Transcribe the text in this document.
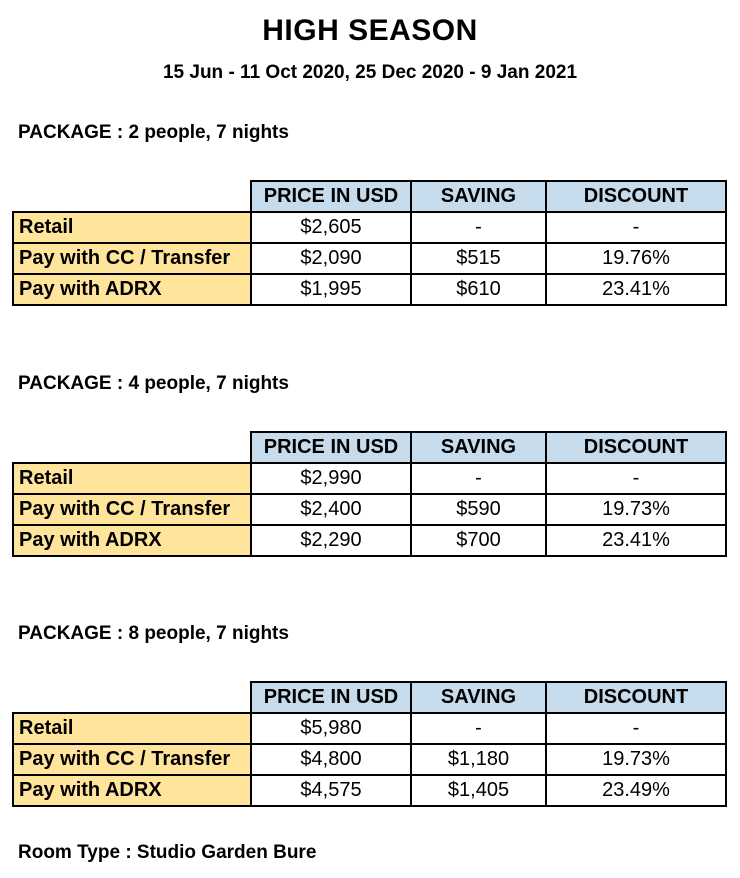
HIGH SEASON
15 Jun - 11 Oct 2020, 25 Dec 2020 - 9 Jan 2021
PACKAGE : 2 people, 7 nights
	PRICE IN USD	SAVING	DISCOUNT
Retail	$2,605	-	-
Pay with CC / Transfer	$2,090	$515	19.76%
Pay with ADRX	$1,995	$610	23.41%
PACKAGE : 4 people, 7 nights
	PRICE IN USD	SAVING	DISCOUNT
Retail	$2,990	-	-
Pay with CC / Transfer	$2,400	$590	19.73%
Pay with ADRX	$2,290	$700	23.41%
PACKAGE : 8 people, 7 nights
	PRICE IN USD	SAVING	DISCOUNT
Retail	$5,980	-	-
Pay with CC / Transfer	$4,800	$1,180	19.73%
Pay with ADRX	$4,575	$1,405	23.49%
Room Type : Studio Garden Bure
